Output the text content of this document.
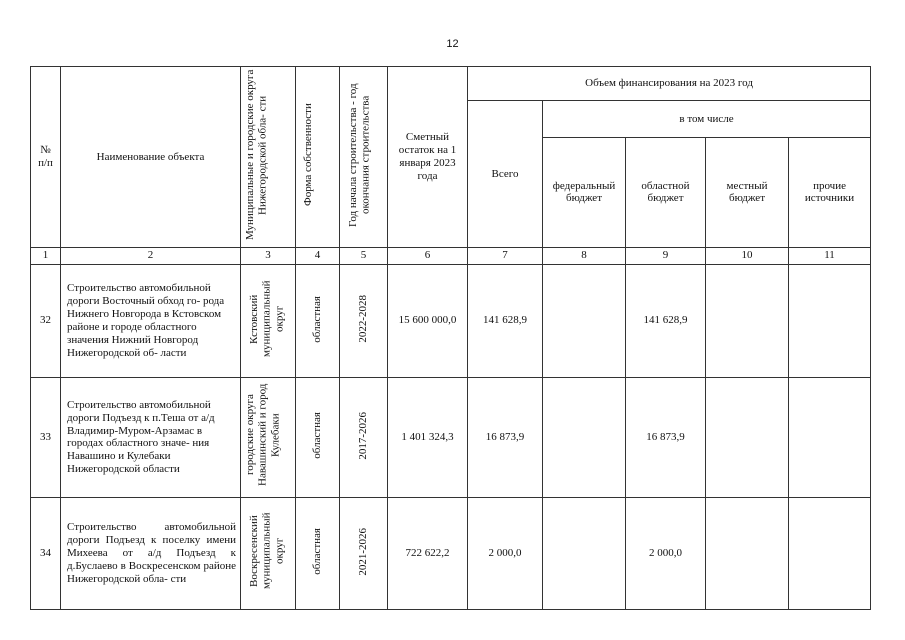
12
№ п/п	Наименование объекта	Муниципальные и городские округа Нижегородской обла- сти	Форма собственности	Год начала строительства - год окончания строительства	Сметный остаток на 1 января 2023 года	Объем финансирования на 2023 год				
						Всего	в том числе			
							федеральный бюджет	областной бюджет	местный бюджет	прочие источники
1	2	3	4	5	6	7	8	9	10	11
32	Строительство автомобильной дороги Восточный обход го- рода Нижнего Новгорода в Кстовском районе и городе областного значения Нижний Новгород Нижегородской об- ласти	Кстовский муниципальный округ	областная	2022-2028	15 600 000,0	141 628,9		141 628,9		
33	Строительство автомобильной дороги Подъезд к п.Теша от а/д Владимир-Муром-Арзамас в городах областного значе- ния Навашино и Кулебаки Нижегородской области	городские округа Навашинский и город Кулебаки	областная	2017-2026	1 401 324,3	16 873,9		16 873,9		
34	Строительство автомобильной дороги Подъезд к поселку имени Михеева от а/д Подъезд к д.Буслаево в Воскресенском районе Нижегородской обла- сти	Воскресенский муниципальный округ	областная	2021-2026	722 622,2	2 000,0		2 000,0		
